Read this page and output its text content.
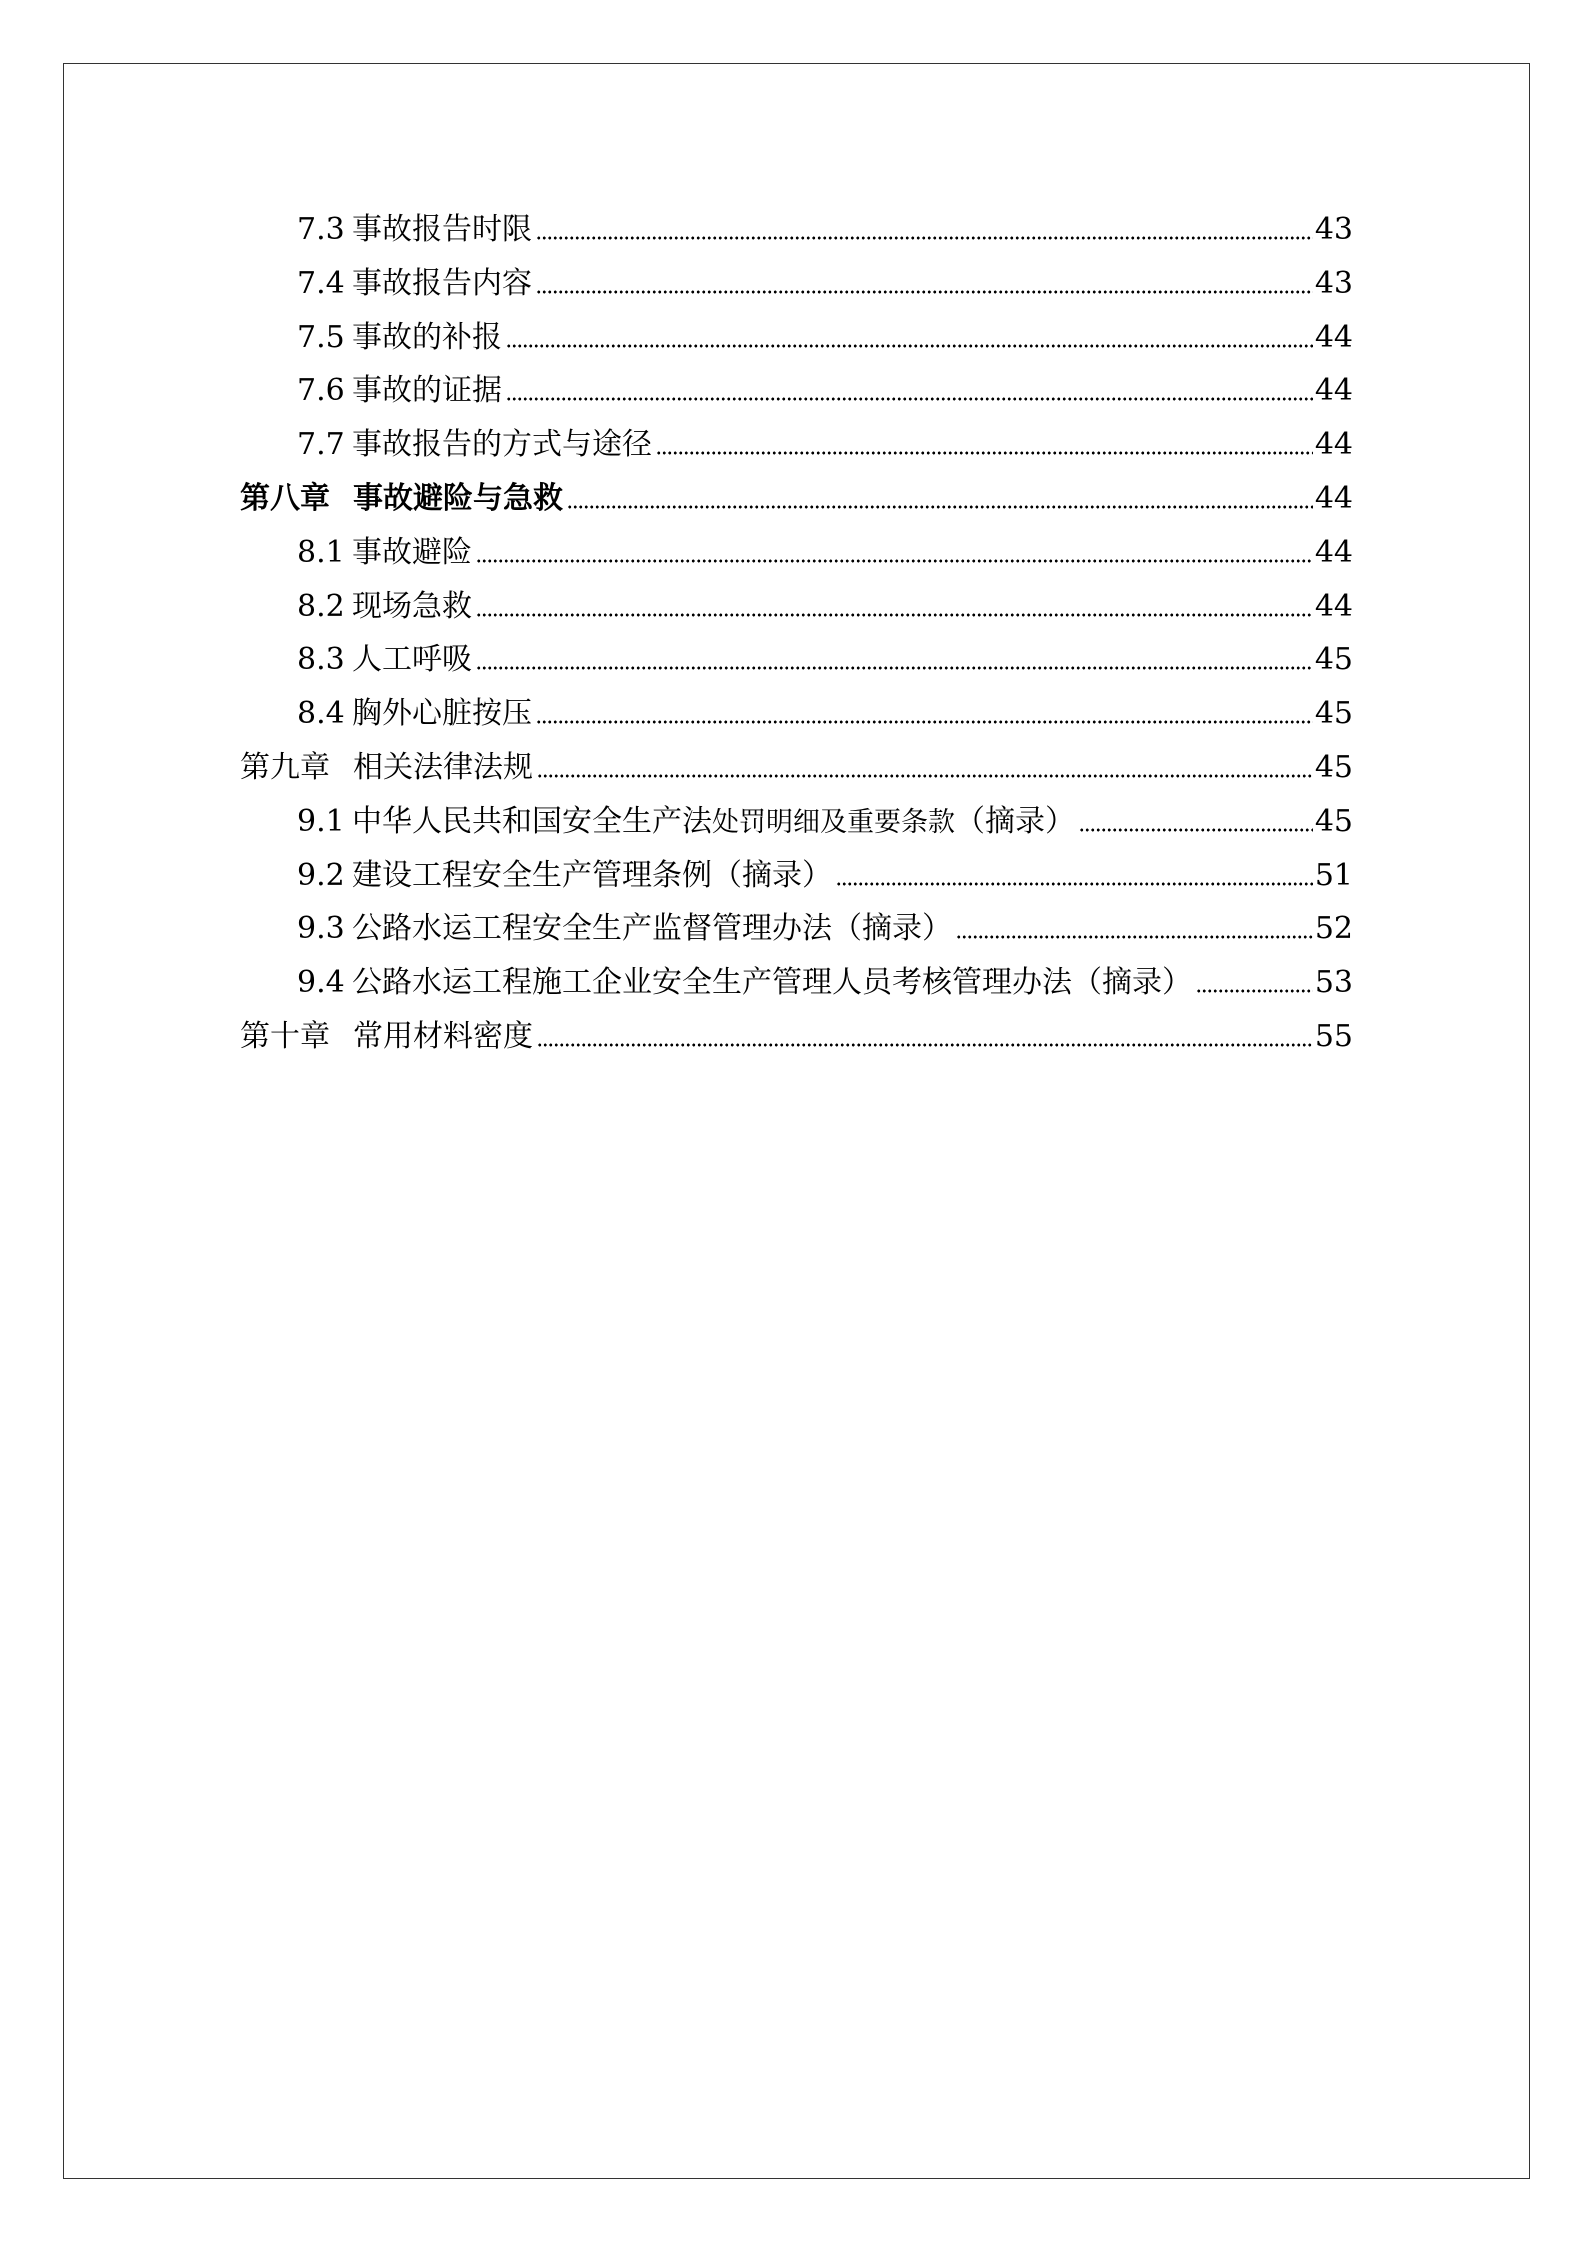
7.3 事故报告时限	43
7.4 事故报告内容	43
7.5 事故的补报	44
7.6 事故的证据	44
7.7 事故报告的方式与途径	44
第八章 事故避险与急救	44
8.1 事故避险	44
8.2 现场急救	44
8.3 人工呼吸	45
8.4 胸外心脏按压	45
第九章 相关法律法规	45
9.1 中华人民共和国安全生产法处罚明细及重要条款（摘录）	45
9.2 建设工程安全生产管理条例（摘录）	51
9.3 公路水运工程安全生产监督管理办法（摘录）	52
9.4 公路水运工程施工企业安全生产管理人员考核管理办法（摘录）	53
第十章 常用材料密度	55
